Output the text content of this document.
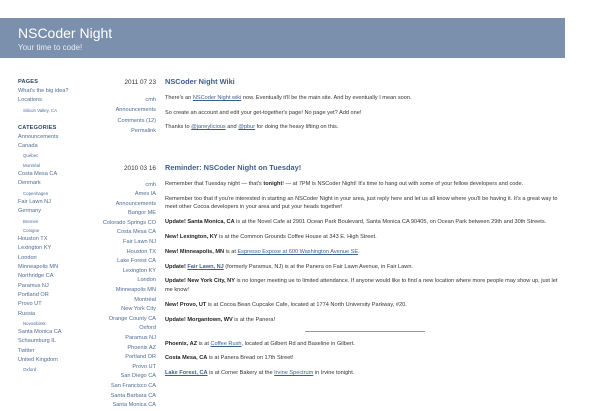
NSCoder Night
Your time to code!
PAGES
What's the big idea?
Locations
Silicon Valley, CA
CATEGORIES
Announcements
Canada
Québec
Montréal
Costa Mesa CA
Denmark
Copenhagen
Fair Lawn NJ
Germany
Bremen
Cologne
Houston TX
Lexington KY
London
Minneapolis MN
Northridge CA
Paramus NJ
Portland OR
Provo UT
Russia
Novosibirsk
Santa Monica CA
Schaumburg IL
Twitter
United Kingdom
Oxford
2011 07 23
cmh
Announcements
Comments (12)
Permalink
NSCoder Night Wiki

There's an NSCoder Night wiki now. Eventually it'll be the main site. And by eventually I mean soon.

So create an account and edit your get-together's page! No page yet? Add one!

Thanks to @janeylicious and @pbur for doing the heavy lifting on this.

2010 03 16
cmh
Ames IA
Announcements
Bangor ME
Colorado Springs CO
Costa Mesa CA
Fair Lawn NJ
Houston TX
Lake Forest CA
Lexington KY
London
Minneapolis MN
Montréal
New York City
Orange County CA
Oxford
Paramus NJ
Phoenix AZ
Portland OR
Provo UT
San Diego CA
San Francisco CA
Santa Barbara CA
Santa Monica CA
Reminder: NSCoder Night on Tuesday!

Remember that Tuesday night — that's tonight! — at 7PM is NSCoder Night! It's time to hang out with some of your fellow developers and code.

Remember too that if you're interested in starting an NSCoder Night in your area, just reply here and let us all know where you'll be having it. It's a great way to meet other Cocoa developers in your area and put your heads together!

Update! Santa Monica, CA is at the Novel Cafe at 2901 Ocean Park Boulevard, Santa Monica CA 90405, on Ocean Park between 29th and 30th Streets.

New! Lexington, KY is at the Common Grounds Coffee House at 343 E. High Street.

New! Minneapolis, MN is at Espresso Expose at 600 Washington Avenue SE.

Update! Fair Lawn, NJ (formerly Paramus, NJ) is at the Panera on Fair Lawn Avenue, in Fair Lawn.

Update! New York City, NY is no longer meeting ue to limited attendance. If anyone would like to find a new location where more people may show up, just let me know!

New! Provo, UT is at Cocoa Bean Cupcake Cafe, located at 1774 North University Parkway, #20.

Update! Morgantown, WV is at the Panera!

Phoenix, AZ is at Coffee Rush, located at Gilbert Rd and Baseline in Gilbert.

Costa Mesa, CA is at Panera Bread on 17th Street!

Lake Forest, CA is at Corner Bakery at the Irvine Spectrum in Irvine tonight.
